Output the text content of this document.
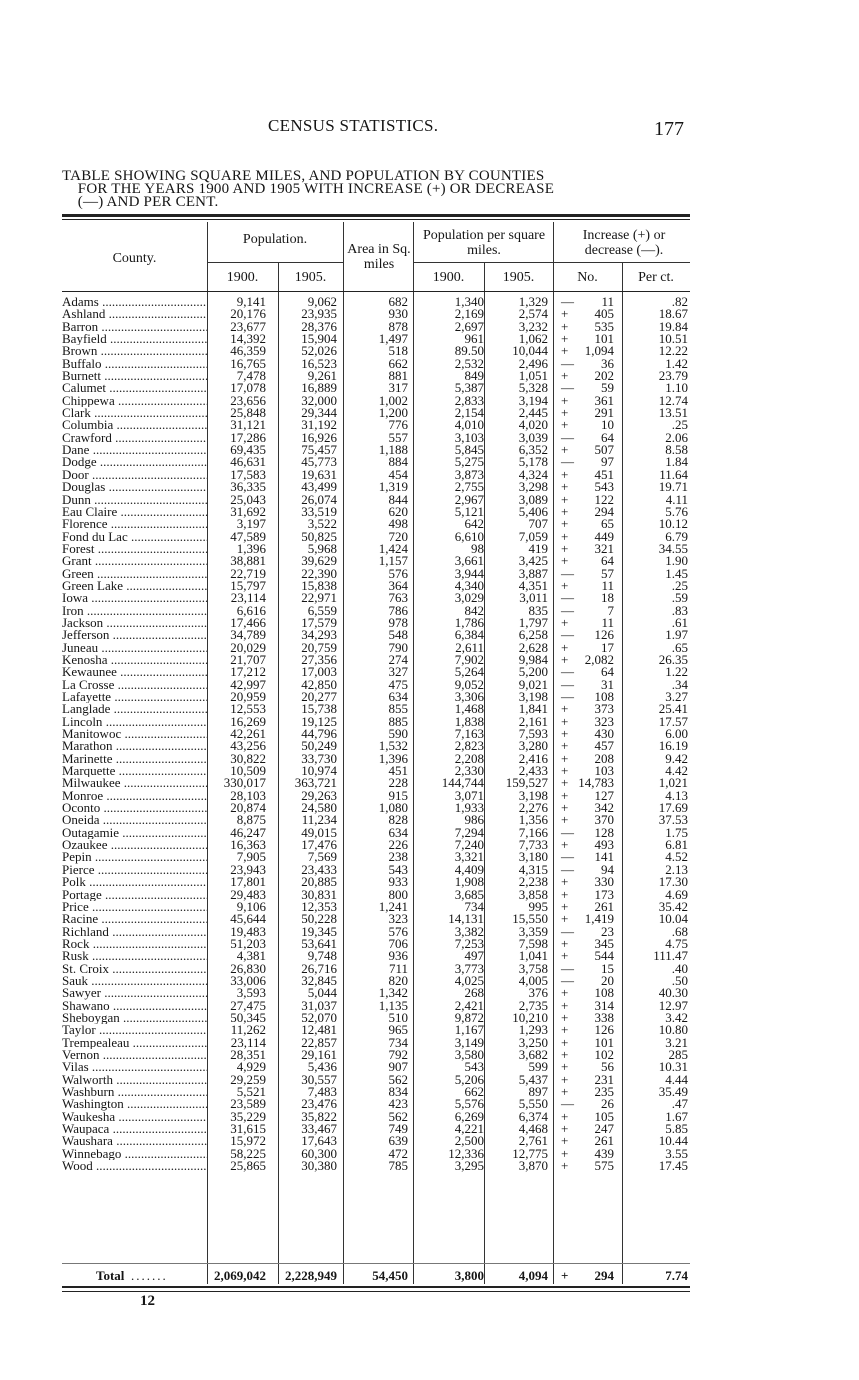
CENSUS STATISTICS.	177
TABLE SHOWING SQUARE MILES, AND POPULATION BY COUNTIES
FOR THE YEARS 1900 AND 1905 WITH INCREASE (+) OR DECREASE
(—) AND PER CENT.
County.
Population.
Area in Sq. miles
Population per square miles.
Increase (+) or decrease (—).
1900.	1905.	1900.	1905.	No.	Per ct.
Adams .....	9,141	9,062	682	1,340	1,329 — 11	.82
Ashland .....	20,176	23,935	930	2,169	2,574 + 405	18.67
Barron .....	23,677	28,376	878	2,697	3,232 + 535	19.84
Bayfield .....	14,392	15,904	1,497	961	1,062 + 101	10.51
Brown .....	46,359	52,026	518	89.50 10,044 + 1,094	12.22
Buffalo .....	16,765	16,523	662	2,532	2,496 — 36	1.42
Burnett .....	7,478	9,261	881	849	1,051 + 202	23.79
Calumet .....	17,078	16,889	317	5,387	5,328 — 59	1.10
Chippewa .....	23,656	32,000	1,002	2,833	3,194 + 361	12.74
Clark .....	25,848	29,344	1,200	2,154	2,445 + 291	13.51
Columbia .....	31,121	31,192	776	4,010	4,020 +	10	.25
Crawford .....	17,286	16,926	557	3,103	3,039 — 64	2.06
Dane .....	69,435	75,457	1,188	5,845	6,352 + 507	8.58
Dodge .....	46,631	45,773	884	5,275	5,178 — 97	1.84
Door .....	17,583	19,631	454	3,873	4,324 + 451	11.64
Douglas .....	36,335	43,499	1,319	2,755	3,298 + 543	19.71
Dunn .....	25,043	26,074	844	2,967	3,089 + 122	4.11
Eau Claire .....	31,692	33,519	620	5,121	5,406 + 294	5.76
Florence .....	3,197	3,522	498	642	707 +	65	10.12
Fond du Lac .....	47,589	50,825	720	6,610	7,059 + 449	6.79
Forest .....	1,396	5,968	1,424	98	419 + 321	34.55
Grant .....	38,881	39,629	1,157	3,661	3,425 +	64	1.90
Green .....	22,719	22,390	576	3,944	3,887 — 57	1.45
Green Lake .....	15,797	15,838	364	4,340	4,351 +	11	.25
Iowa .....	23,114	22,971	763	3,029	3,011 — 18	.59
Iron .....	6,616	6,559	786	842	835 —	7	.83
Jackson .....	17,466	17,579	978	1,786	1,797 +	11	.61
Jefferson .....	34,789	34,293	548	6,384	6,258 — 126	1.97
Juneau .....	20,029	20,759	790	2,611	2,628 +	17	.65
Kenosha .....	21,707	27,356	274	7,902	9,984 + 2,082	26.35
Kewaunee .....	17,212	17,003	327	5,264	5,200 — 64	1.22
La Crosse .....	42,997	42,850	475	9,052	9,021 — 31	.34
Lafayette .....	20,959	20,277	634	3,306	3,198 — 108	3.27
Langlade .....	12,553	15,738	855	1,468	1,841 + 373	25.41
Lincoln .....	16,269	19,125	885	1,838	2,161 + 323	17.57
Manitowoc .....	42,261	44,796	590	7,163	7,593 + 430	6.00
Marathon .....	43,256	50,249	1,532	2,823	3,280 + 457	16.19
Marinette .....	30,822	33,730	1,396	2,208	2,416 + 208	9.42
Marquette .....	10,509	10,974	451	2,330	2,433 + 103	4.42
Milwaukee .....	330,017 363,721	228	144,744 159,527 + 14,783	1,021
Monroe .....	28,103	29,263	915	3,071	3,198 + 127	4.13
Oconto .....	20,874	24,580	1,080	1,933	2,276 + 342	17.69
Oneida .....	8,875	11,234	828	986	1,356 + 370	37.53
Outagamie .....	46,247	49,015	634	7,294	7,166 — 128	1.75
Ozaukee .....	16,363	17,476	226	7,240	7,733 + 493	6.81
Pepin .....	7,905	7,569	238	3,321	3,180 — 141	4.52
Pierce .....	23,943	23,433	543	4,409	4,315 — 94	2.13
Polk .....	17,801	20,885	933	1,908	2,238 + 330	17.30
Portage .....	29,483	30,831	800	3,685	3,858 + 173	4.69
Price .....	9,106	12,353	1,241	734	995 + 261	35.42
Racine .....	45,644	50,228	323	14,131 15,550 + 1,419	10.04
Richland .....	19,483	19,345	576	3,382	3,359 — 23	.68
Rock .....	51,203	53,641	706	7,253	7,598 + 345	4.75
Rusk .....	4,381	9,748	936	497	1,041 + 544	111.47
St. Croix .....	26,830	26,716	711	3,773	3,758 — 15	.40
Sauk .....	33,006	32,845	820	4,025	4,005 — 20	.50
Sawyer .....	3,593	5,044	1,342	268	376 + 108	40.30
Shawano .....	27,475	31,037	1,135	2,421	2,735 + 314	12.97
Sheboygan .....	50,345	52,070	510	9,872 10,210 + 338	3.42
Taylor .....	11,262	12,481	965	1,167	1,293 + 126	10.80
Trempealeau .....	23,114	22,857	734	3,149	3,250 + 101	3.21
Vernon .....	28,351	29,161	792	3,580	3,682 + 102	285
Vilas .....	4,929	5,436	907	543	599 +	56	10.31
Walworth .....	29,259	30,557	562	5,206	5,437 + 231	4.44
Washburn .....	5,521	7,483	834	662	897 + 235	35.49
Washington .....	23,589	23,476	423	5,576	5,550 — 26	.47
Waukesha .....	35,229	35,822	562	6,269	6,374 + 105	1.67
Waupaca .....	31,615	33,467	749	4,221	4,468 + 247	5.85
Waushara .....	15,972	17,643	639	2,500	2,761 + 261	10.44
Winnebago .....	58,225	60,300	472	12,336 12,775 + 439	3.55
Wood .....	25,865	30,380	785	3,295	3,870 + 575	17.45
Total .......	2,069,042 2,228,949	54,450	3,800	4,094 + 294	7.74
12
